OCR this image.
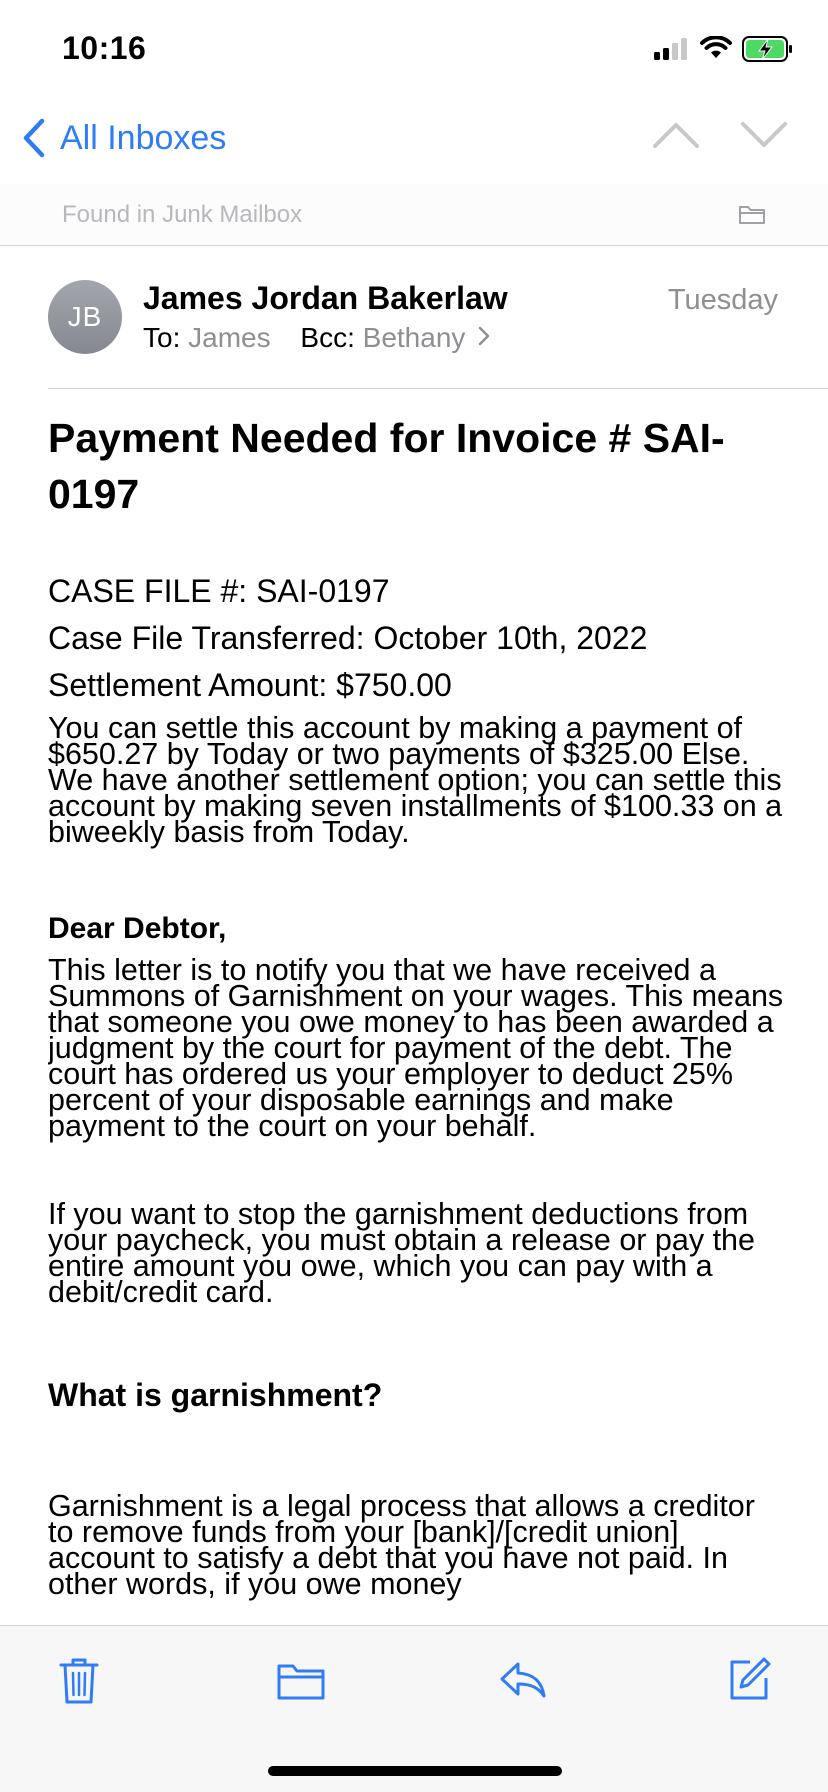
10:16
All Inboxes
Found in Junk Mailbox
JB
James Jordan Bakerlaw	Tuesday
To: James Bcc: Bethany
Payment Needed for Invoice # SAI-0197
CASE FILE #: SAI-0197
Case File Transferred: October 10th, 2022
Settlement Amount: $750.00
You can settle this account by making a payment of $650.27 by Today or two payments of $325.00 Else. We have another settlement option; you can settle this account by making seven installments of $100.33 on a biweekly basis from Today.
Dear Debtor,
This letter is to notify you that we have received a Summons of Garnishment on your wages. This means that someone you owe money to has been awarded a judgment by the court for payment of the debt. The court has ordered us your employer to deduct 25% percent of your disposable earnings and make payment to the court on your behalf.
If you want to stop the garnishment deductions from your paycheck, you must obtain a release or pay the entire amount you owe, which you can pay with a debit/credit card.
What is garnishment?
Garnishment is a legal process that allows a creditor to remove funds from your [bank]/[credit union] account to satisfy a debt that you have not paid. In other words, if you owe money
